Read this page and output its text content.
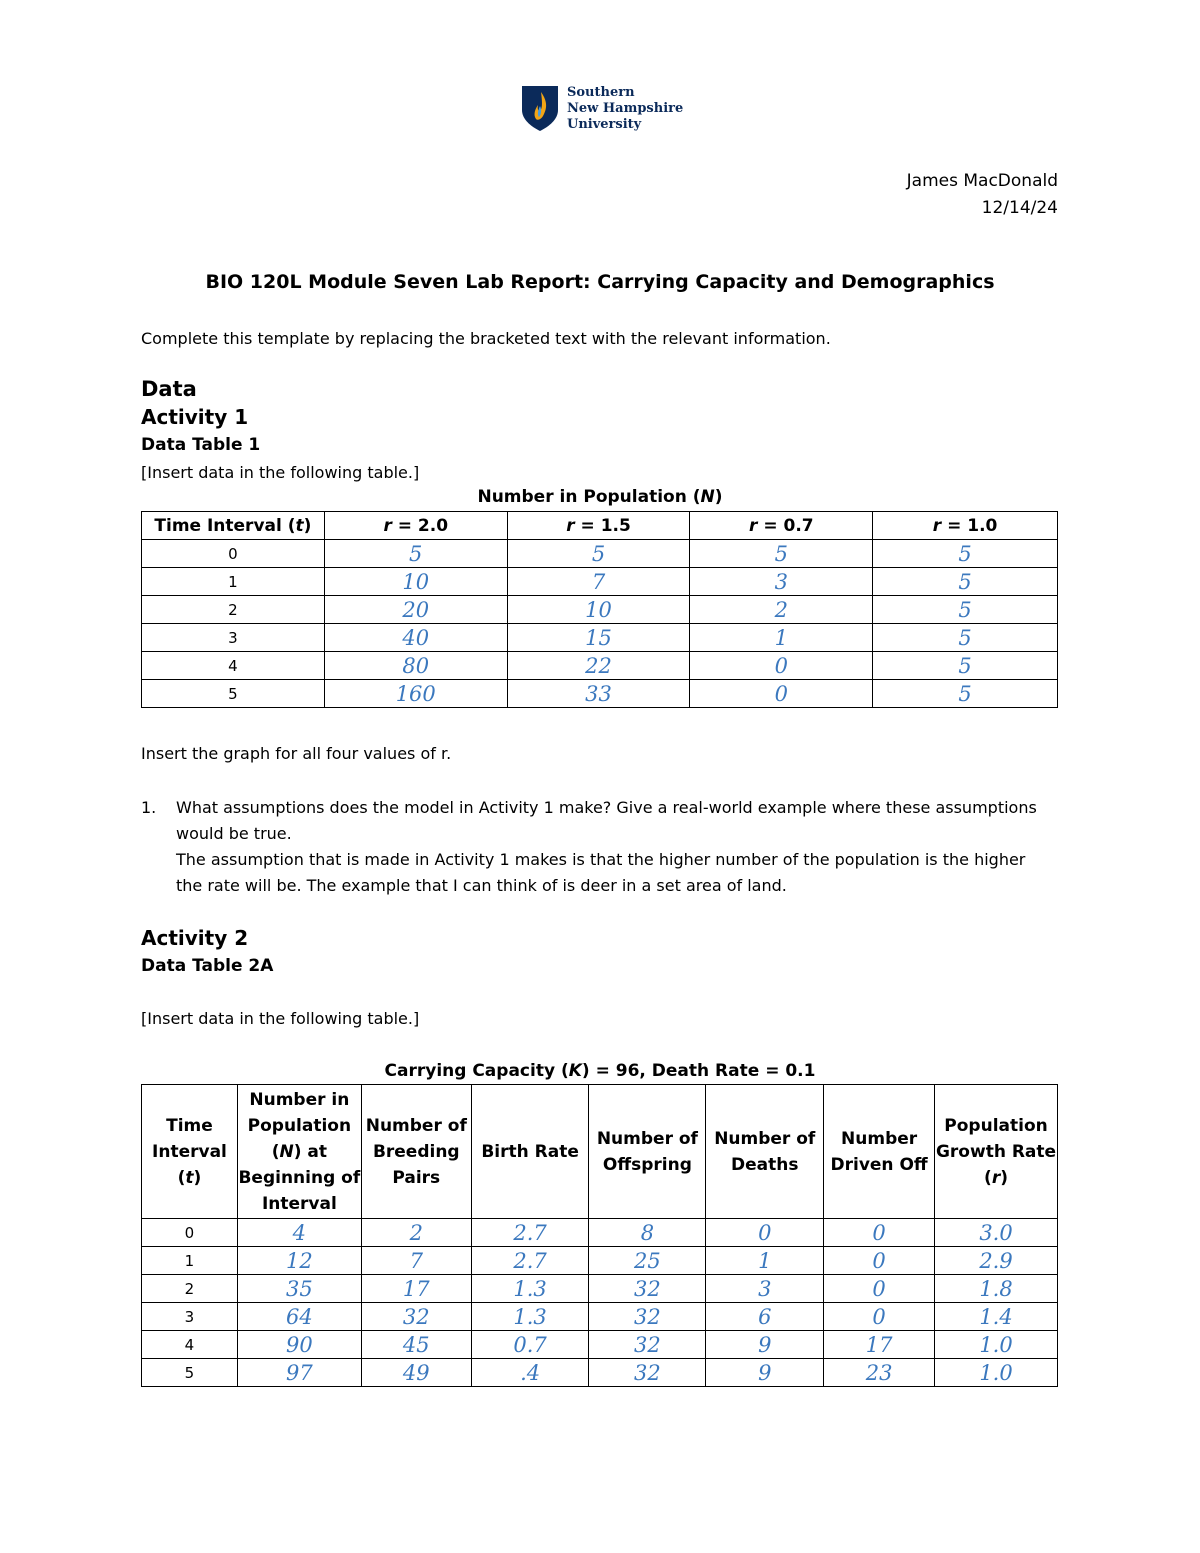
Southern
New Hampshire
University
James MacDonald
12/14/24
BIO 120L Module Seven Lab Report: Carrying Capacity and Demographics
Complete this template by replacing the bracketed text with the relevant information.
Data
Activity 1
Data Table 1
[Insert data in the following table.]
Number in Population (N)
Time Interval (t)	r = 2.0	r = 1.5	r = 0.7	r = 1.0
0	5	5	5	5
1	10	7	3	5
2	20	10	2	5
3	40	15	1	5
4	80	22	0	5
5	160	33	0	5
Insert the graph for all four values of r.
1. What assumptions does the model in Activity 1 make? Give a real-world example where these assumptions would be true.
The assumption that is made in Activity 1 makes is that the higher number of the population is the higher the rate will be. The example that I can think of is deer in a set area of land.
Activity 2
Data Table 2A
[Insert data in the following table.]
Carrying Capacity (K) = 96, Death Rate = 0.1
Time Interval (t)	Number in Population (N) at Beginning of Interval	Number of Breeding Pairs	Birth Rate	Number of Offspring	Number of Deaths	Number Driven Off	Population Growth Rate (r)
0	4	2	2.7	8	0	0	3.0
1	12	7	2.7	25	1	0	2.9
2	35	17	1.3	32	3	0	1.8
3	64	32	1.3	32	6	0	1.4
4	90	45	0.7	32	9	17	1.0
5	97	49	.4	32	9	23	1.0
